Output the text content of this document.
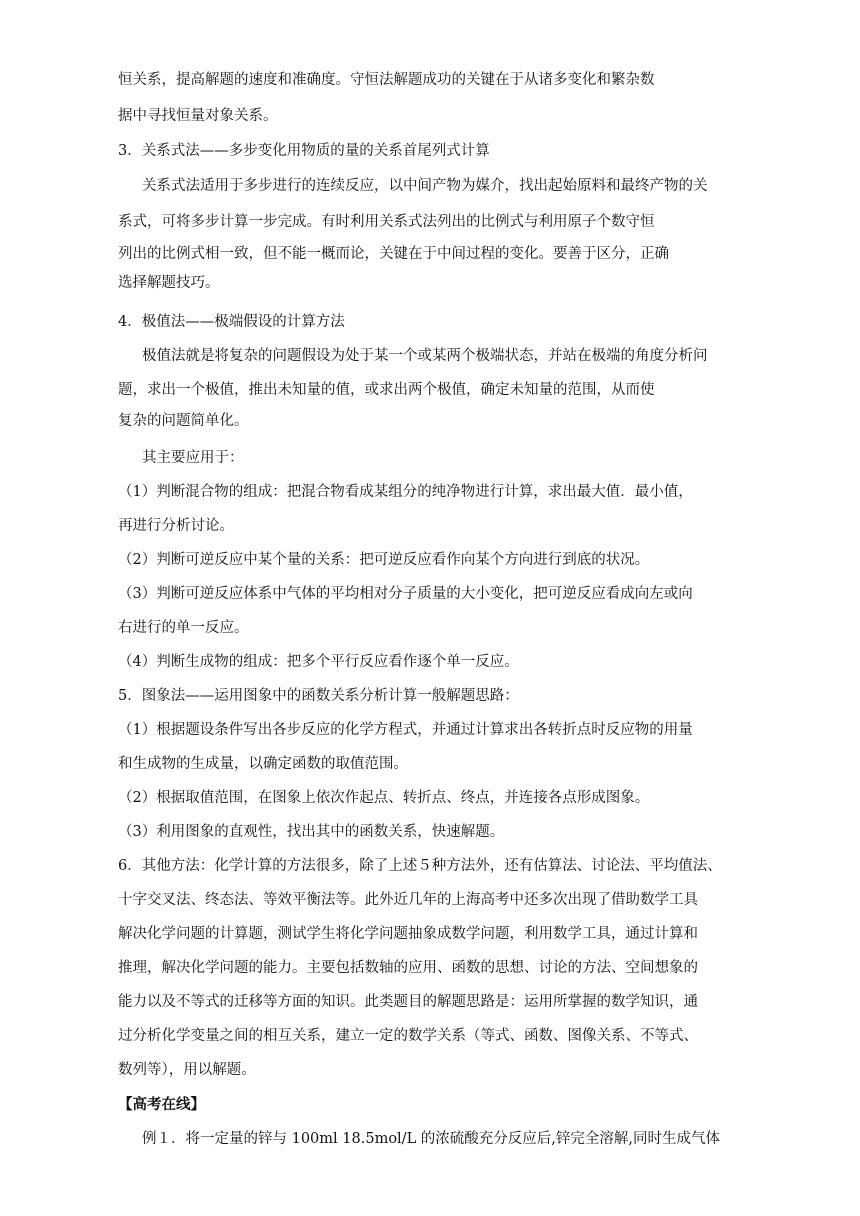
恒关系，提高解题的速度和准确度。守恒法解题成功的关键在于从诸多变化和繁杂数
据中寻找恒量对象关系。
3．关系式法——多步变化用物质的量的关系首尾列式计算
关系式法适用于多步进行的连续反应，以中间产物为媒介，找出起始原料和最终产物的关
系式，可将多步计算一步完成。有时利用关系式法列出的比例式与利用原子个数守恒
列出的比例式相一致，但不能一概而论，关键在于中间过程的变化。要善于区分，正确
选择解题技巧。
4．极值法——极端假设的计算方法
极值法就是将复杂的问题假设为处于某一个或某两个极端状态，并站在极端的角度分析问
题，求出一个极值，推出未知量的值，或求出两个极值，确定未知量的范围，从而使
复杂的问题简单化。
其主要应用于：
（1）判断混合物的组成：把混合物看成某组分的纯净物进行计算，求出最大值．最小值，
再进行分析讨论。
（2）判断可逆反应中某个量的关系：把可逆反应看作向某个方向进行到底的状况。
（3）判断可逆反应体系中气体的平均相对分子质量的大小变化，把可逆反应看成向左或向
右进行的单一反应。
（4）判断生成物的组成：把多个平行反应看作逐个单一反应。
5．图象法——运用图象中的函数关系分析计算一般解题思路：
（1）根据题设条件写出各步反应的化学方程式，并通过计算求出各转折点时反应物的用量
和生成物的生成量，以确定函数的取值范围。
（2）根据取值范围，在图象上依次作起点、转折点、终点，并连接各点形成图象。
（3）利用图象的直观性，找出其中的函数关系，快速解题。
6．其他方法：化学计算的方法很多，除了上述５种方法外，还有估算法、讨论法、平均值法、
十字交叉法、终态法、等效平衡法等。此外近几年的上海高考中还多次出现了借助数学工具
解决化学问题的计算题，测试学生将化学问题抽象成数学问题，利用数学工具，通过计算和
推理，解决化学问题的能力。主要包括数轴的应用、函数的思想、讨论的方法、空间想象的
能力以及不等式的迁移等方面的知识。此类题目的解题思路是：运用所掌握的数学知识，通
过分析化学变量之间的相互关系，建立一定的数学关系（等式、函数、图像关系、不等式、
数列等），用以解题。
【高考在线】
例１．将一定量的锌与 100ml 18.5mol/L 的浓硫酸充分反应后,锌完全溶解,同时生成气体
